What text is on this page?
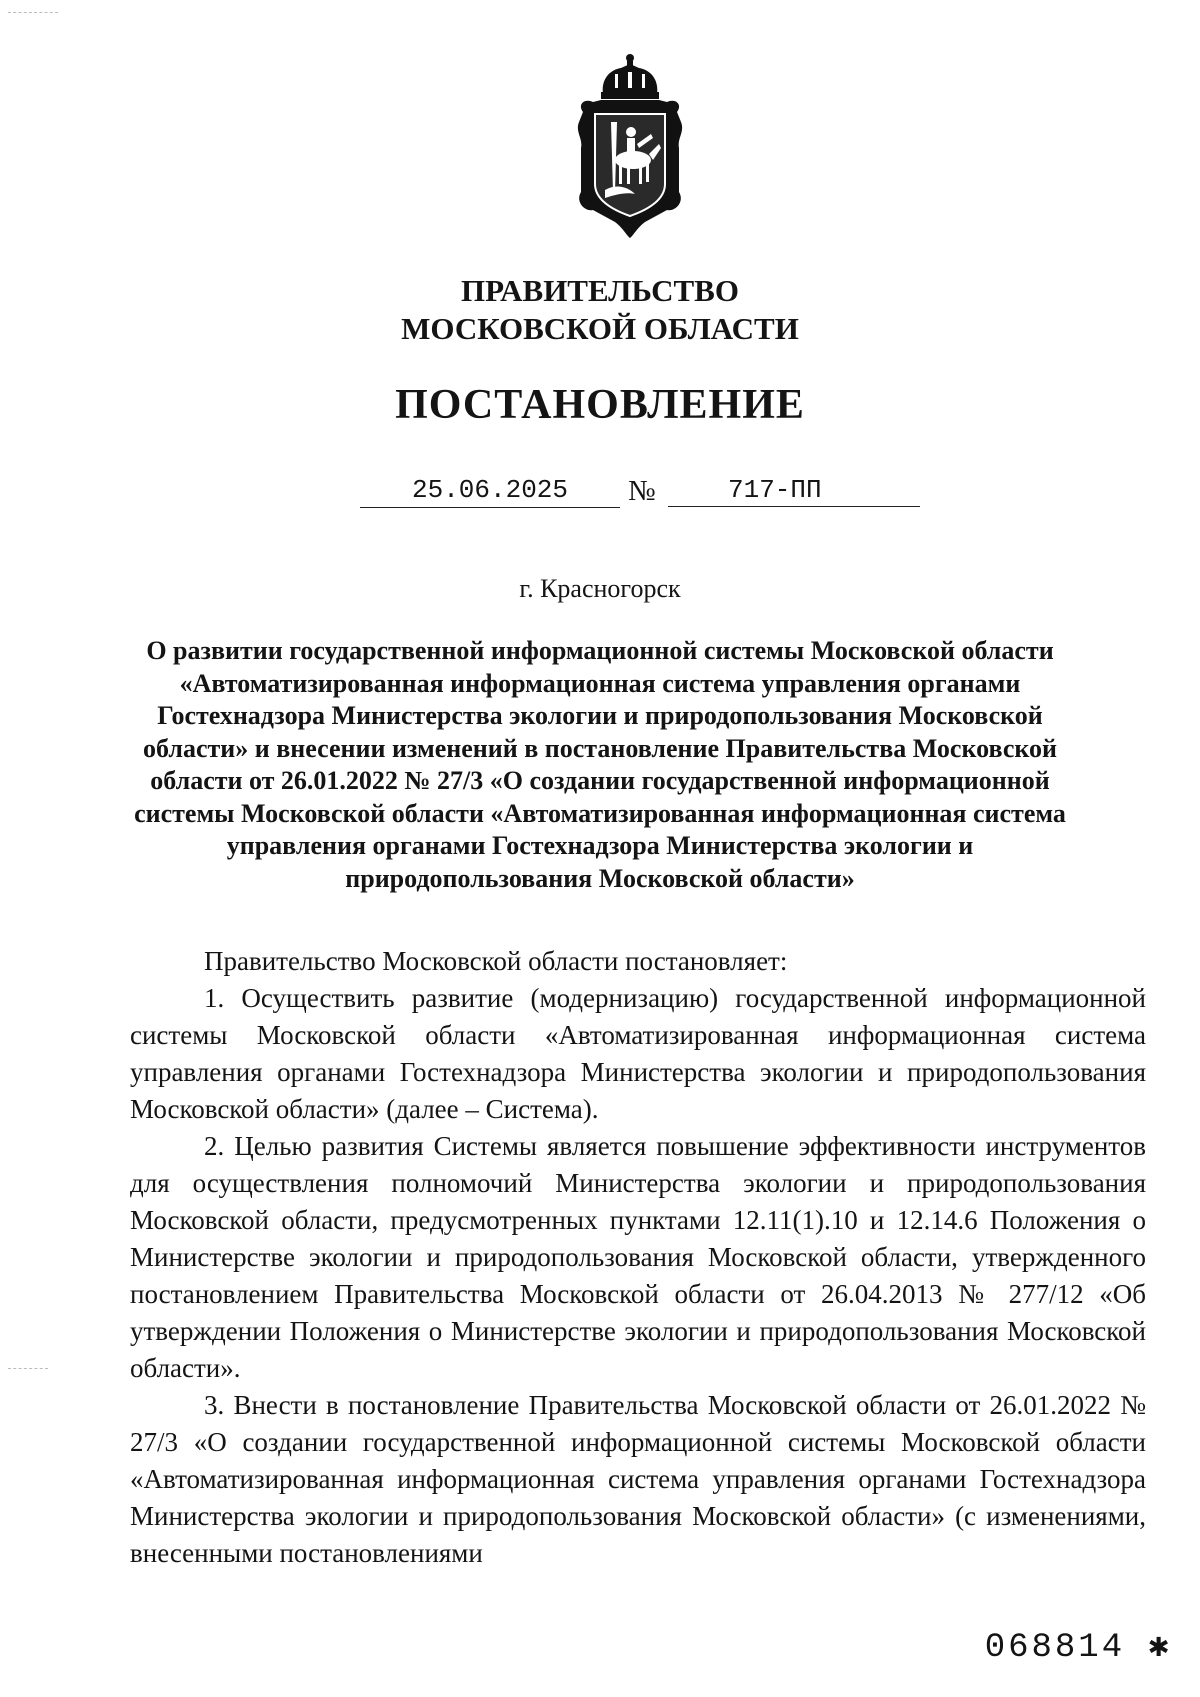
ПРАВИТЕЛЬСТВО
МОСКОВСКОЙ ОБЛАСТИ
ПОСТАНОВЛЕНИЕ
25.06.2025	№	717-ПП
г. Красногорск
О развитии государственной информационной системы Московской области «Автоматизированная информационная система управления органами Гостехнадзора Министерства экологии и природопользования Московской области» и внесении изменений в постановление Правительства Московской области от 26.01.2022 № 27/3 «О создании государственной информационной системы Московской области «Автоматизированная информационная система управления органами Гостехнадзора Министерства экологии и природопользования Московской области»

Правительство Московской области постановляет:

1. Осуществить развитие (модернизацию) государственной информационной системы Московской области «Автоматизированная информационная система управления органами Гостехнадзора Министерства экологии и природопользования Московской области» (далее – Система).

2. Целью развития Системы является повышение эффективности инструментов для осуществления полномочий Министерства экологии и природопользования Московской области, предусмотренных пунктами 12.11(1).10 и 12.14.6 Положения о Министерстве экологии и природопользования Московской области, утвержденного постановлением Правительства Московской области от 26.04.2013 № 277/12 «Об утверждении Положения о Министерстве экологии и природопользования Московской области».

3. Внести в постановление Правительства Московской области от 26.01.2022 № 27/3 «О создании государственной информационной системы Московской области «Автоматизированная информационная система управления органами Гостехнадзора Министерства экологии и природопользования Московской области» (с изменениями, внесенными постановлениями

068814 ✱
